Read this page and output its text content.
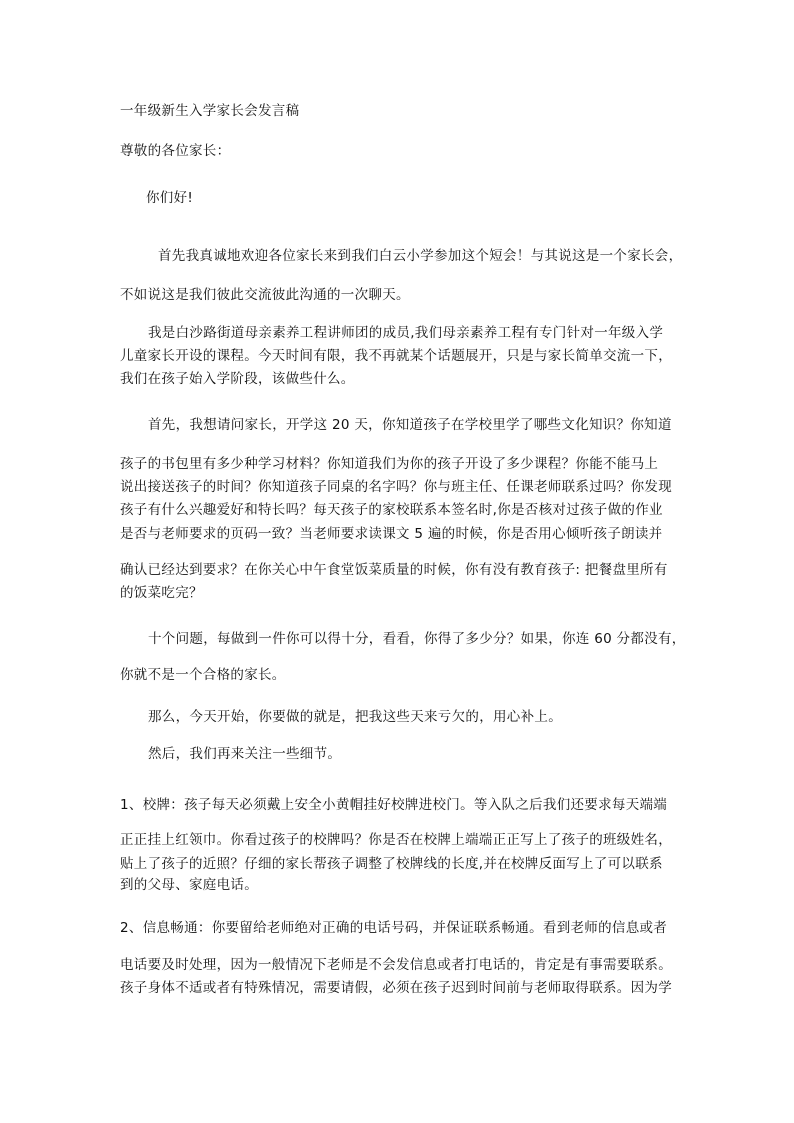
一年级新生入学家长会发言稿
尊敬的各位家长：
你们好!
首先我真诚地欢迎各位家长来到我们白云小学参加这个短会！与其说这是一个家长会，
不如说这是我们彼此交流彼此沟通的一次聊天。
我是白沙路街道母亲素养工程讲师团的成员,我们母亲素养工程有专门针对一年级入学
儿童家长开设的课程。今天时间有限，我不再就某个话题展开，只是与家长简单交流一下，
我们在孩子始入学阶段，该做些什么。
首先，我想请问家长，开学这 20 天，你知道孩子在学校里学了哪些文化知识？你知道
孩子的书包里有多少种学习材料？你知道我们为你的孩子开设了多少课程？你能不能马上
说出接送孩子的时间？你知道孩子同桌的名字吗？你与班主任、任课老师联系过吗？你发现
孩子有什么兴趣爱好和特长吗？每天孩子的家校联系本签名时,你是否核对过孩子做的作业
是否与老师要求的页码一致？当老师要求读课文 5 遍的时候，你是否用心倾听孩子朗读并
确认已经达到要求？在你关心中午食堂饭菜质量的时候，你有没有教育孩子: 把餐盘里所有
的饭菜吃完？
十个问题，每做到一件你可以得十分，看看，你得了多少分？如果，你连 60 分都没有，
你就不是一个合格的家长。
那么，今天开始，你要做的就是，把我这些天来亏欠的，用心补上。
然后，我们再来关注一些细节。
1、校牌：孩子每天必须戴上安全小黄帽挂好校牌进校门。等入队之后我们还要求每天端端
正正挂上红领巾。你看过孩子的校牌吗？你是否在校牌上端端正正写上了孩子的班级姓名，
贴上了孩子的近照？仔细的家长帮孩子调整了校牌线的长度,并在校牌反面写上了可以联系
到的父母、家庭电话。
2、信息畅通：你要留给老师绝对正确的电话号码，并保证联系畅通。看到老师的信息或者
电话要及时处理，因为一般情况下老师是不会发信息或者打电话的，肯定是有事需要联系。
孩子身体不适或者有特殊情况，需要请假，必须在孩子迟到时间前与老师取得联系。因为学
